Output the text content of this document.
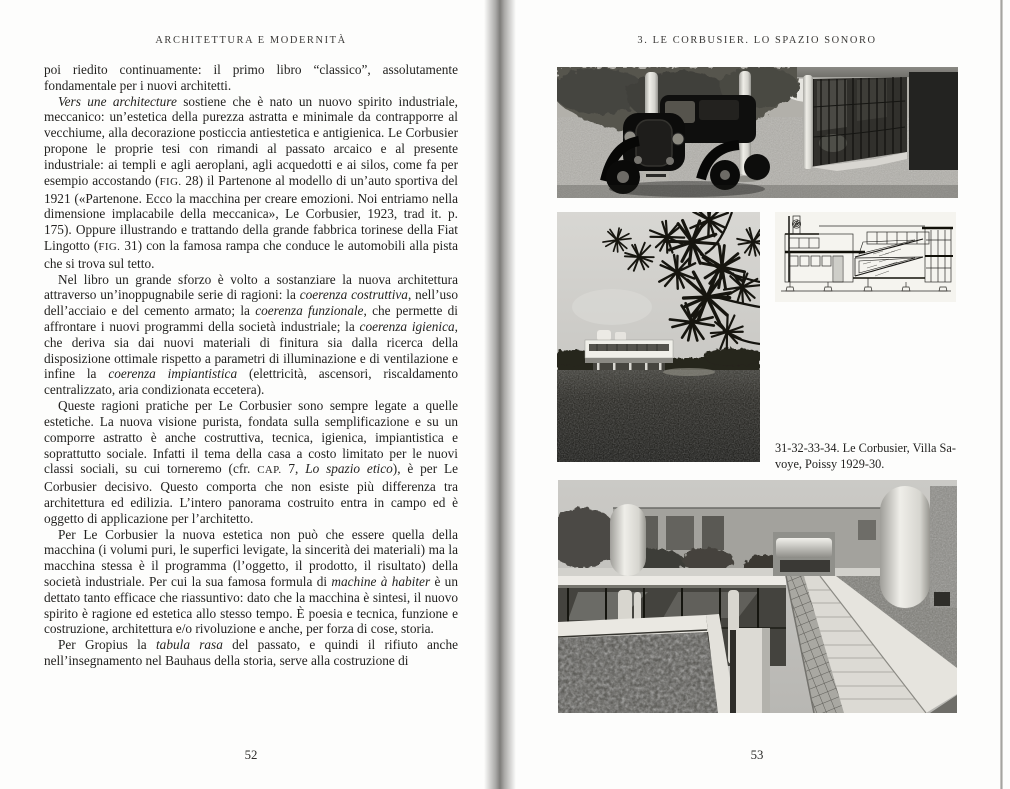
ARCHITETTURA E MODERNITÀ

poi riedito continuamente: il primo libro “classico”, assolutamente fondamentale per i nuovi architetti.

Vers une architecture sostiene che è nato un nuovo spirito industriale, meccanico: un’estetica della purezza astratta e minimale da contrapporre al vecchiume, alla decorazione posticcia antiestetica e antigienica. Le Corbusier propone le proprie tesi con rimandi al passato arcaico e al presente industriale: ai templi e agli aeroplani, agli acquedotti e ai silos, come fa per esempio accostando (FIG. 28) il Partenone al modello di un’auto sportiva del 1921 («Partenone. Ecco la macchina per creare emozioni. Noi entriamo nella dimensione implacabile della meccanica», Le Corbusier, 1923, trad it. p. 175). Oppure illustrando e trattando della grande fabbrica torinese della Fiat Lingotto (FIG. 31) con la famosa rampa che conduce le automobili alla pista che si trova sul tetto.

Nel libro un grande sforzo è volto a sostanziare la nuova architettura attraverso un’inoppugnabile serie di ragioni: la coerenza costruttiva, nell’uso dell’acciaio e del cemento armato; la coerenza funzionale, che permette di affrontare i nuovi programmi della società industriale; la coerenza igienica, che deriva sia dai nuovi materiali di finitura sia dalla ricerca della disposizione ottimale rispetto a parametri di illuminazione e di ventilazione e infine la coerenza impiantistica (elettricità, ascensori, riscaldamento centralizzato, aria condizionata eccetera).

Queste ragioni pratiche per Le Corbusier sono sempre legate a quelle estetiche. La nuova visione purista, fondata sulla semplificazione e su un comporre astratto è anche costruttiva, tecnica, igienica, impiantistica e soprattutto sociale. Infatti il tema della casa a costo limitato per le nuovi classi sociali, su cui torneremo (cfr. CAP. 7, Lo spazio etico), è per Le Corbusier decisivo. Questo comporta che non esiste più differenza tra architettura ed edilizia. L’intero panorama costruito entra in campo ed è oggetto di applicazione per l’architetto.

Per Le Corbusier la nuova estetica non può che essere quella della macchina (i volumi puri, le superfici levigate, la sincerità dei materiali) ma la macchina stessa è il programma (l’oggetto, il prodotto, il risultato) della società industriale. Per cui la sua famosa formula di machine à habiter è un dettato tanto efficace che riassuntivo: dato che la macchina è sintesi, il nuovo spirito è ragione ed estetica allo stesso tempo. È poesia e tecnica, funzione e costruzione, architettura e/o rivoluzione e anche, per forza di cose, storia.

Per Gropius la tabula rasa del passato, e quindi il rifiuto anche nell’insegnamento nel Bauhaus della storia, serve alla costruzione di

52
3. LE CORBUSIER. LO SPAZIO SONORO
31-32-33-34. Le Corbusier, Villa Sa-
voye, Poissy 1929-30.
53
